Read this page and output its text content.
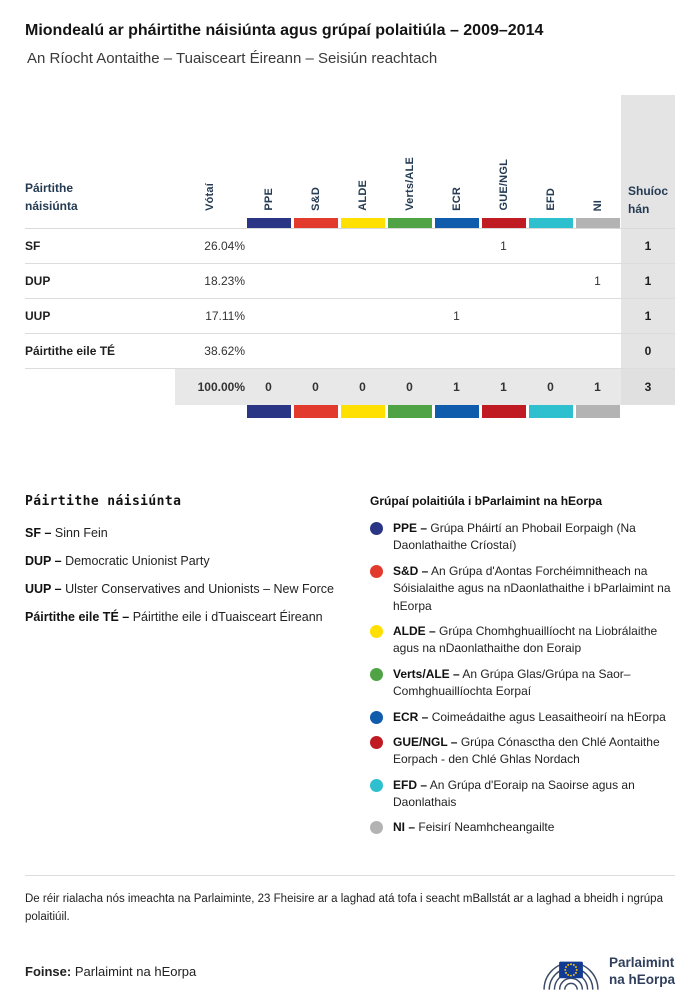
Miondealú ar pháirtithe náisiúnta agus grúpaí polaitiúla – 2009–2014
An Ríocht Aontaithe – Tuaisceart Éireann – Seisiún reachtach
Páirtithe náisiúnta	Vótaí	PPE	S&D	ALDE	Verts/ALE	ECR	GUE/NGL	EFD	NI	Shuíochán

SF	26.04%						1			1
DUP	18.23%								1	1
UUP	17.11%					1				1
Páirtithe eile TÉ	38.62%									0
	100.00%	0	0	0	0	1	1	0	1	3

Páirtithe náisiúnta

SF – Sinn Fein

DUP – Democratic Unionist Party

UUP – Ulster Conservatives and Unionists – New Force

Páirtithe eile TÉ – Páirtithe eile i dTuaisceart Éireann

Grúpaí polaitiúla i bParlaimint na hEorpa

PPE – Grúpa Pháirtí an Phobail Eorpaigh (Na Daonlathaithe Críostaí)

S&D – An Grúpa d'Aontas Forchéimnitheach na Sóisialaithe agus na nDaonlathaithe i bParlaimint na hEorpa

ALDE – Grúpa Chomhghuaillíocht na Liobrálaithe agus na nDaonlathaithe don Eoraip

Verts/ALE – An Grúpa Glas/Grúpa na Saor–Comhghuaillíochta Eorpaí

ECR – Coimeádaithe agus Leasaitheoirí na hEorpa

GUE/NGL – Grúpa Cónasctha den Chlé Aontaithe Eorpach - den Chlé Ghlas Nordach

EFD – An Grúpa d'Eoraip na Saoirse agus an Daonlathais

NI – Feisirí Neamhcheangailte

De réir rialacha nós imeachta na Parlaiminte, 23 Fheisire ar a laghad atá tofa i seacht mBallstát ar a laghad a bheidh i ngrúpa polaitiúil.

Foinse: Parlaimint na hEorpa

Parlaimint
na hEorpa
